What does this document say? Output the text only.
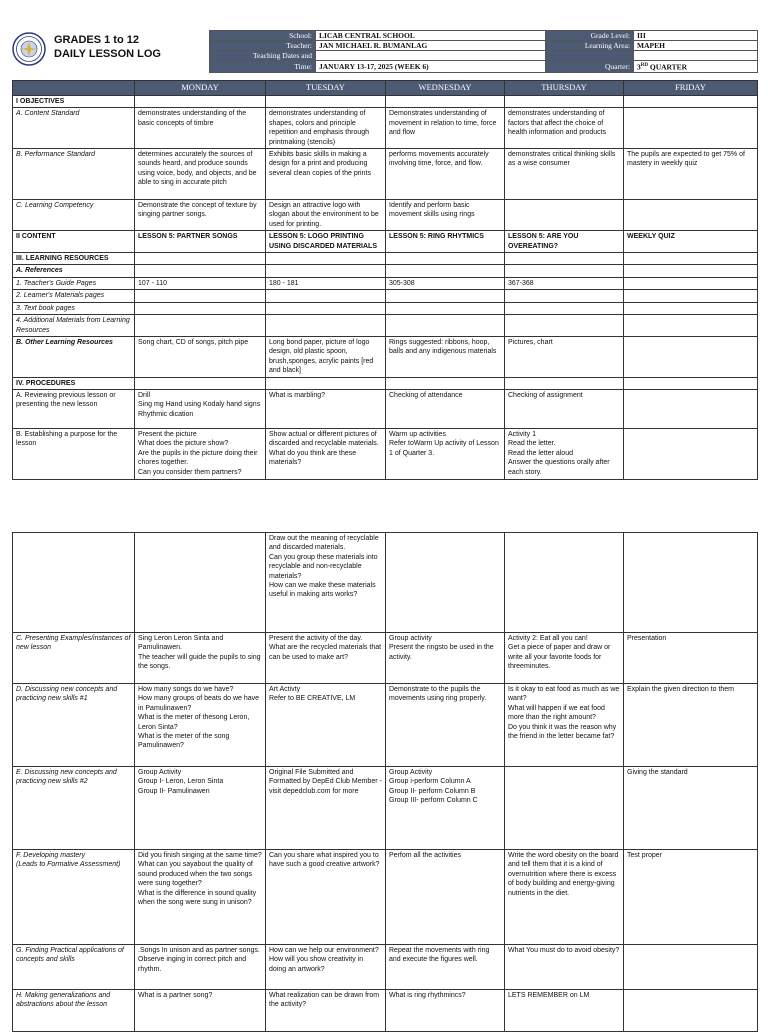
GRADES 1 to 12
DAILY LESSON LOG
School:	LICAB CENTRAL SCHOOL	Grade Level:	III
Teacher:	JAN MICHAEL R. BUMANLAG	Learning Area:	MAPEH
Teaching Dates and			
Time:	JANUARY 13-17, 2025 (WEEK 6)	Quarter:	3RD QUARTER
	MONDAY	TUESDAY	WEDNESDAY	THURSDAY	FRIDAY
I OBJECTIVES					
A. Content Standard	demonstrates understanding of the basic concepts of timbre	demonstrates understanding of shapes, colors and principle repetition and emphasis through printmaking (stencils)	Demonstrates understanding of movement in relation to time, force and flow	demonstrates understanding of factors that affect the choice of health information and products	
B. Performance Standard	determines accurately the sources of sounds heard, and produce sounds using voice, body, and objects, and be able to sing in accurate pitch	Exhibits basic skills in making a design for a print and producing several clean copies of the prints	performs movements accurately involving time, force, and flow.	demonstrates critical thinking skills as a wise consumer	The pupils are expected to get 75% of mastery in weekly quiz
C. Learning Competency	Demonstrate the concept of texture by singing partner songs.	Design an attractive logo with slogan about the environment to be used for printing.	Identify and perform basic movement skills using rings		
II CONTENT	LESSON 5: PARTNER SONGS	LESSON 5: LOGO PRINTING USING DISCARDED MATERIALS	LESSON 5: RING RHYTMICS	LESSON 5: ARE YOU OVEREATING?	WEEKLY QUIZ
III. LEARNING RESOURCES					
A. References					
1. Teacher's Guide Pages	107 - 110	180 - 181	305-308	367-368	
2. Learner's Materials pages					
3. Text book pages					
4. Additional Materials from Learning Resources					
B. Other Learning Resources	Song chart, CD of songs, pitch pipe	Long bond paper, picture of logo design, old plastic spoon, brush,sponges, acrylic paints [red and black]	Rings suggested: ribbons, hoop, balls and any indigenous materials	Pictures, chart	
IV. PROCEDURES					
A. Reviewing previous lesson or presenting the new lesson	Drill
Sing mg Hand using Kodaly hand signs
Rhythmic dication	What is marbling?	Checking of attendance	Checking of assignment	
B. Establishing a purpose for the lesson	Present the picture
What does the picture show?
Are the pupils in the picture doing their chores together.
Can you consider them partners?	Show actual or different pictures of discarded and recyclable materials.
What do you think are these materials?	Warm up activities
Refer toWarm Up activity of Lesson 1 of Quarter 3.	Activity 1
Read the letter.
Read the letter aloud
Answer the questions orally after each story.	
		Draw out the meaning of recyclable and discarded materials.
Can you group these materials into recyclable and non-recyclable materials?
How can we make these materials useful in making arts works?			
C. Presenting Examples/instances of new lesson	Sing Leron Leron Sinta and Pamulinawen.
The teacher will guide the pupils to sing the songs.	Present the activity of the day.
What are the recycled materials that can be used to make art?	Group activity
Present the ringsto be used in the activity.	Activity 2: Eat all you can!
Get a piece of paper and draw or write all your favorite foods for threeminutes.	Presentation
D. Discussing new concepts and practicing new skills #1	How many songs do we have?
How many groups of beats do we have in Pamulinawen?
What is the meter of thesong Leron, Leron Sinta?
What is the meter of the song Pamulinawen?	Art Activty
Refer to BE CREATIVE, LM	Demonstrate to the pupils the movements using ring properly.	Is it okay to eat food as much as we want?
What will happen if we eat food more than the right amount?
Do you think it was the reason why the friend in the letter became fat?	Explain the given direction to them
E. Discussing new concepts and practicing new skills #2	Group Activity
Group I- Leron, Leron Sinta
Group II- Pamulinawen	Original File Submitted and Formatted by DepEd Club Member - visit depedclub.com for more	Group Activity
Group i-perform Column A
Group II- perform Column B
Group III- perform Column C		Giving the standard
F. Developing mastery
(Leads to Formative Assessment)	Did you finish singing at the same time?
What can you sayabout the quality of sound produced when the two songs were sung together?
What is the difference in sound quality when the song were sung in unison?	Can you share what inspired you to have such a good creative artwork?	Perfom all the activities	Write the word obesity on the board and tell them that it is a kind of overnutrition where there is excess of body building and energy-giving nutrients in the diet.	Test proper
G. Finding Practical applications of concepts and skills	.Songs In unison and as partner songs. Observe inging in correct pitch and rhythm.	How can we help our environment?
How will you show creativity in doing an artwork?	Repeat the movements with ring and execute the figures well.	What You must do to avoid obesity?	
H. Making generalizations and abstractions about the lesson	What is a partner song?	What realization can be drawn from the activity?	What is ring rhythmincs?	LETS REMEMBER on LM	
